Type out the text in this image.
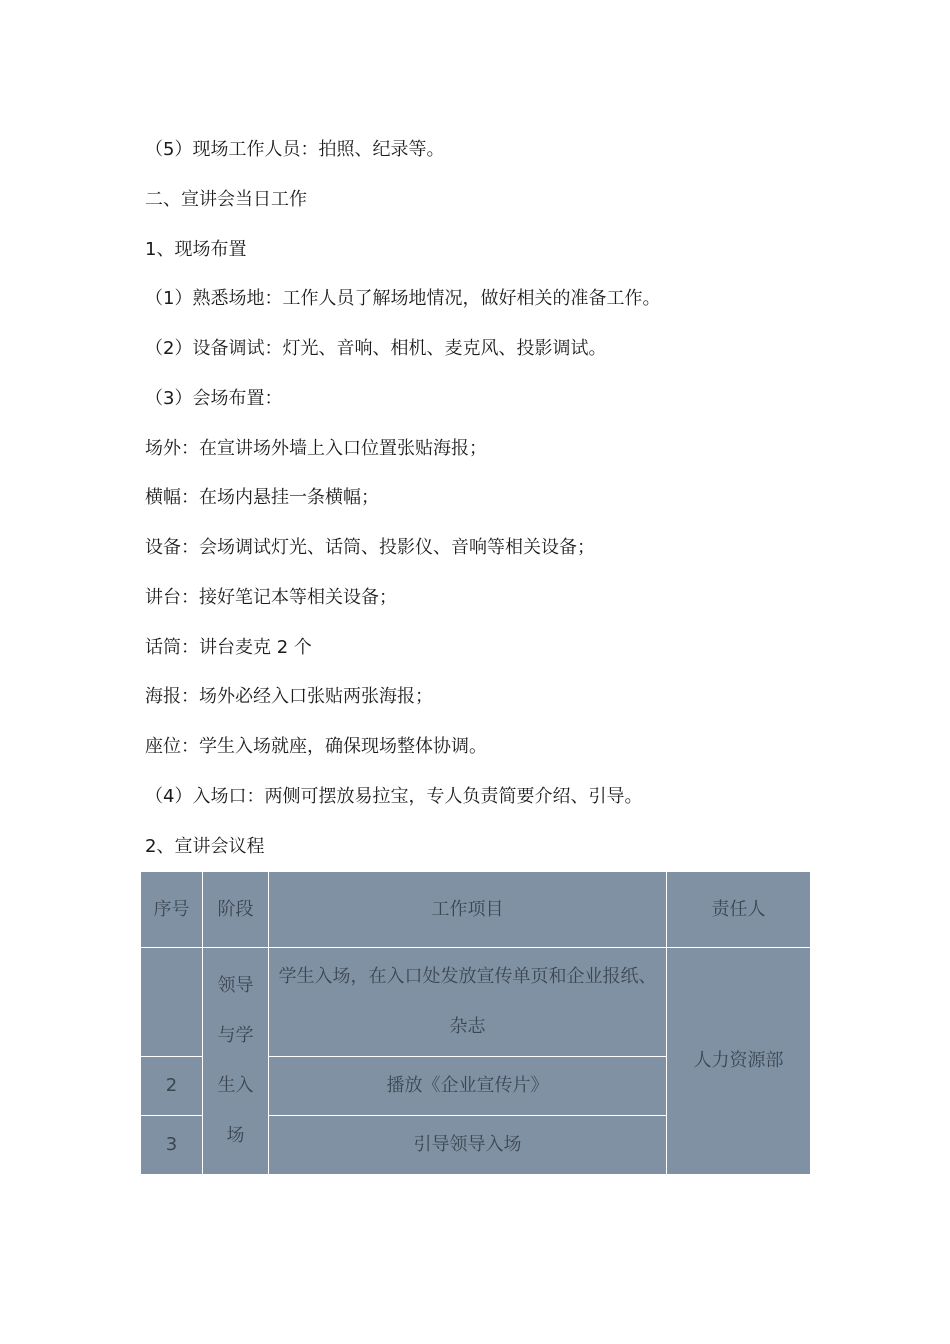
（5）现场工作人员：拍照、纪录等。

二、宣讲会当日工作

1、现场布置

（1）熟悉场地：工作人员了解场地情况，做好相关的准备工作。

（2）设备调试：灯光、音响、相机、麦克风、投影调试。

（3）会场布置：

场外：在宣讲场外墙上入口位置张贴海报；

横幅：在场内悬挂一条横幅；

设备：会场调试灯光、话筒、投影仪、音响等相关设备；

讲台：接好笔记本等相关设备；

话筒：讲台麦克 2 个

海报：场外必经入口张贴两张海报；

座位：学生入场就座，确保现场整体协调。

（4）入场口：两侧可摆放易拉宝，专人负责简要介绍、引导。

2、宣讲会议程

序号	阶段	工作项目	责任人
	领导与学生入场	学生入场，在入口处发放宣传单页和企业报纸、杂志	人力资源部
2		播放《企业宣传片》	
3		引导领导入场	
